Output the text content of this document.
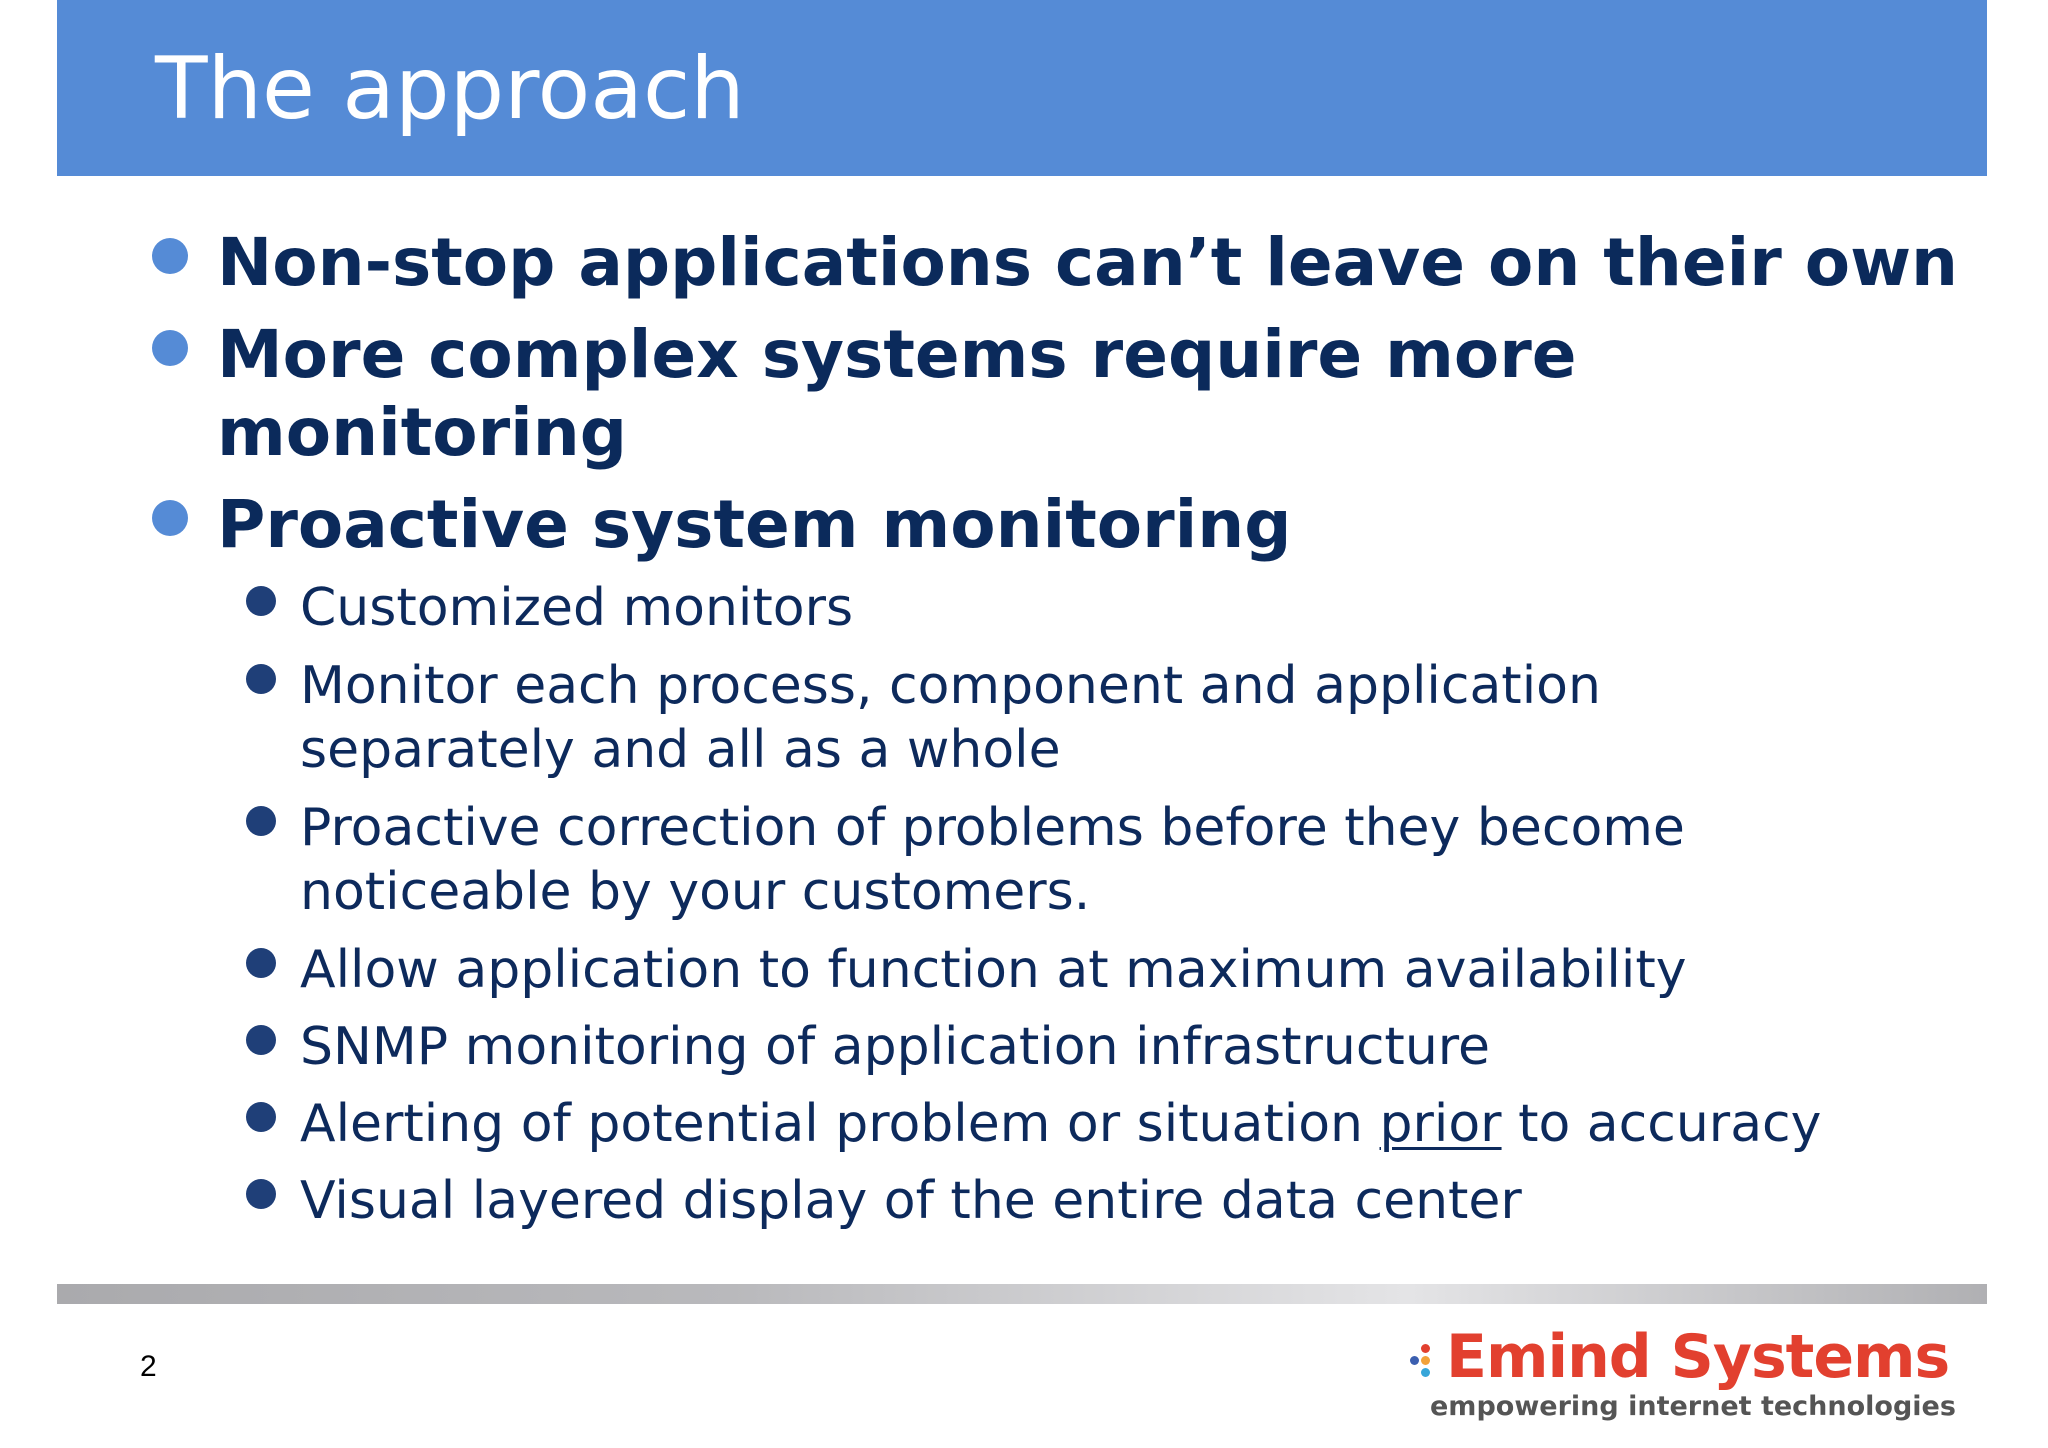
The approach
Non-stop applications can’t leave on their own
More complex systems require more
monitoring
Proactive system monitoring
Customized monitors
Monitor each process, component and application
separately and all as a whole
Proactive correction of problems before they become
noticeable by your customers.
Allow application to function at maximum availability
SNMP monitoring of application infrastructure
Alerting of potential problem or situation prior to accuracy
Visual layered display of the entire data center
2	Emind Systems
empowering internet technologies
